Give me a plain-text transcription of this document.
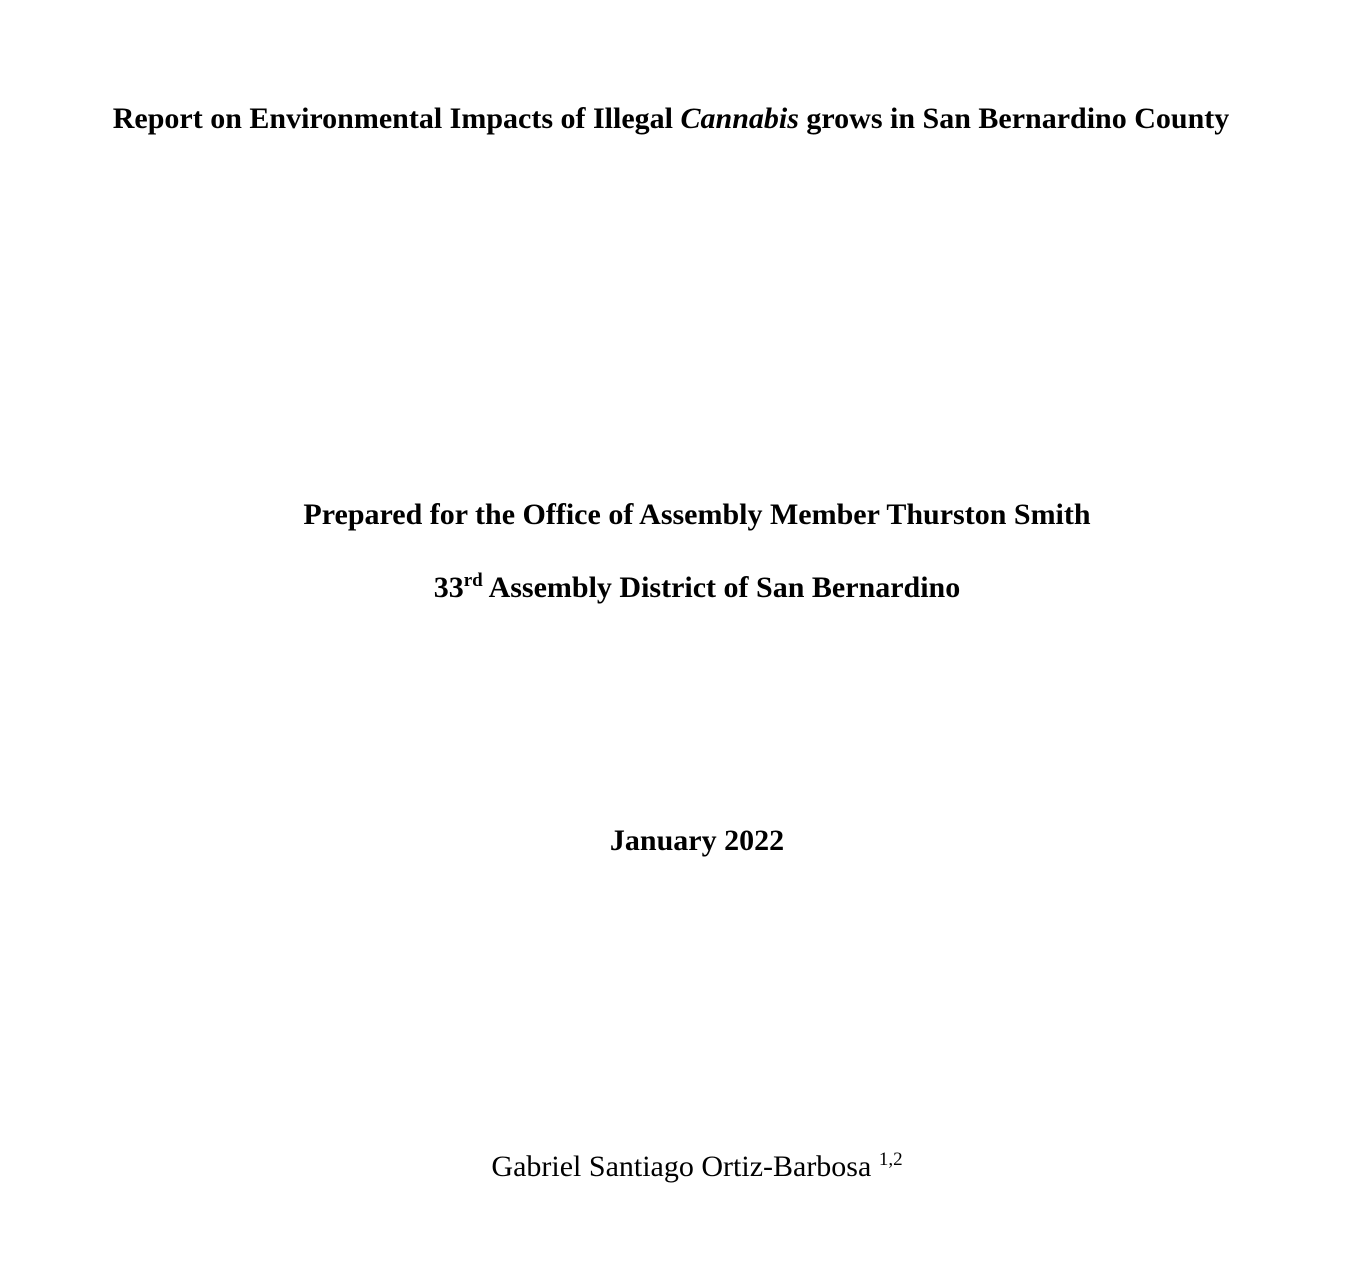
Report on Environmental Impacts of Illegal Cannabis grows in San Bernardino County

Prepared for the Office of Assembly Member Thurston Smith

33rd Assembly District of San Bernardino

January 2022

Gabriel Santiago Ortiz-Barbosa $^{1,2}$
